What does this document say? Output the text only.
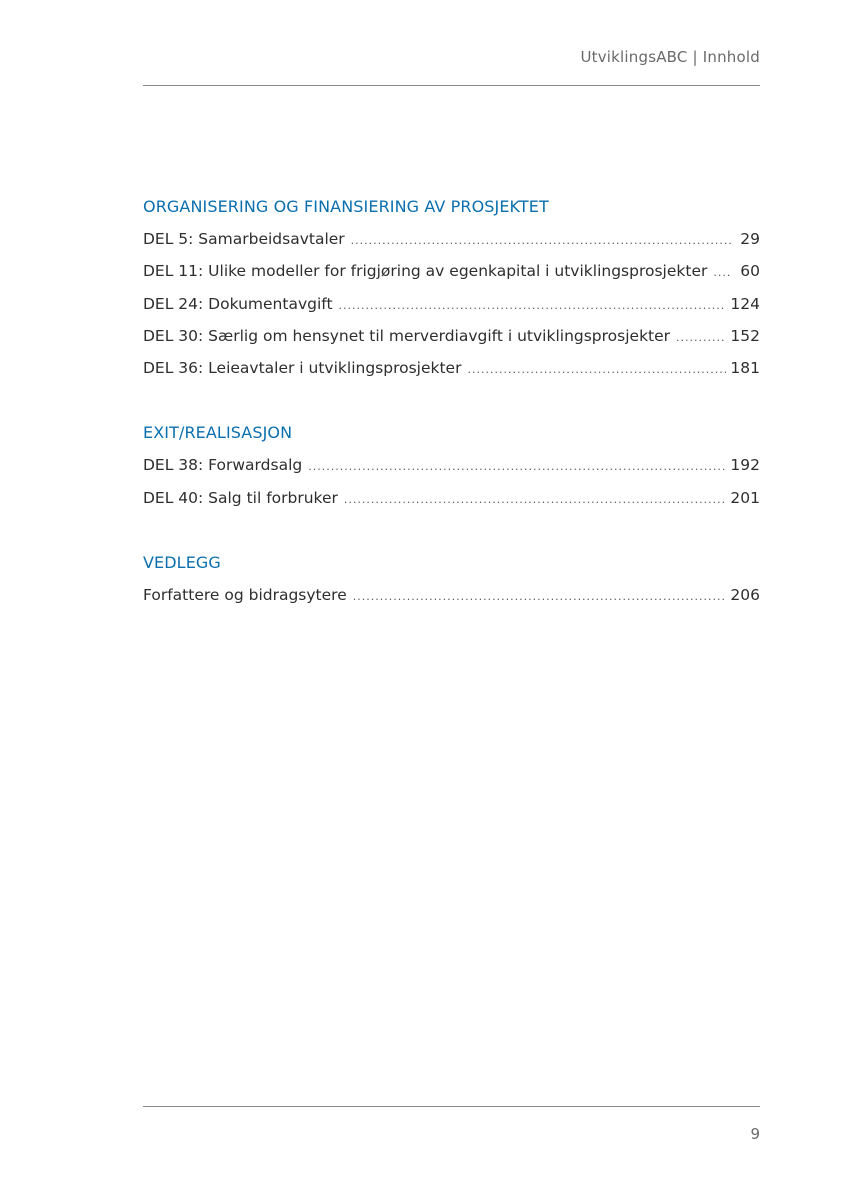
UtviklingsABC | Innhold
ORGANISERING OG FINANSIERING AV PROSJEKTET
DEL 5: Samarbeidsavtaler .....	29
DEL 11: Ulike modeller for frigjøring av egenkapital i utviklingsprosjekter ..... 60
DEL 24: Dokumentavgift .....	124
DEL 30: Særlig om hensynet til merverdiavgift i utviklingsprosjekter .....	152
DEL 36: Leieavtaler i utviklingsprosjekter .....	181
EXIT/REALISASJON
DEL 38: Forwardsalg .....	192
DEL 40: Salg til forbruker .....	201
VEDLEGG
Forfattere og bidragsytere .....	206
9
